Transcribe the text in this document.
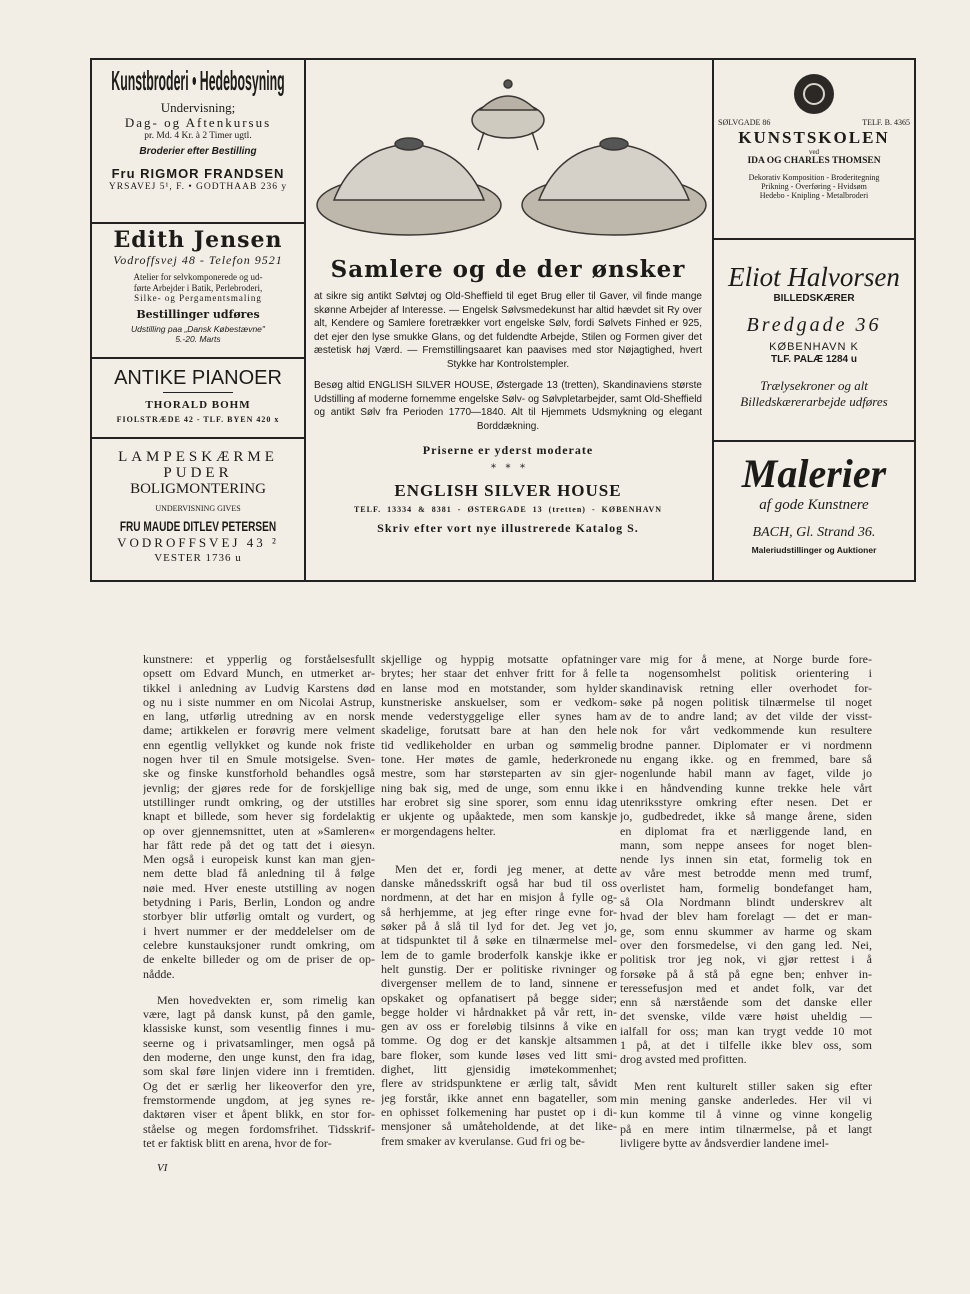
Kunstbroderi • Hedebosyning
Undervisning;
Dag- og Aftenkursus
pr. Md. 4 Kr. à 2 Timer ugtl.
Broderier efter Bestilling
Fru RIGMOR FRANDSEN
YRSAVEJ 5¹, F. • GODTHAAB 236 y
Edith Jensen
Vodroffsvej 48 - Telefon 9521
Atelier for selvkomponerede og ud-
førte Arbejder i Batik, Perlebroderi,
Silke- og Pergamentsmaling
Bestillinger udføres
Udstilling paa „Dansk Købestævne"
5.-20. Marts
ANTIKE PIANOER
THORALD BOHM
FIOLSTRÆDE 42 - TLF. BYEN 420 x
LAMPESKÆRME
PUDER
BOLIGMONTERING
UNDERVISNING GIVES
FRU MAUDE DITLEV PETERSEN
VODROFFSVEJ 43 ²
VESTER 1736 u
Samlere og de der ønsker
at sikre sig antikt Sølvtøj og Old-Sheffield til eget Brug eller til Gaver, vil finde mange skønne Arbejder af Interesse. — Engelsk Sølvsmedekunst har altid hævdet sit Ry over alt, Kendere og Samlere foretrækker vort engelske Sølv, fordi Sølvets Finhed er 925, det ejer den lyse smukke Glans, og det fuldendte Arbejde, Stilen og Formen giver det æstetisk høj Værd. — Fremstillingsaaret kan paavises med stor Nøjagtighed, hvert Stykke har Kontrolstempler.
Besøg altid ENGLISH SILVER HOUSE, Østergade 13 (tretten), Skandinaviens største Udstilling af moderne fornemme engelske Sølv- og Sølvpletarbejder, samt Old-Sheffield og antikt Sølv fra Perioden 1770—1840. Alt til Hjemmets Udsmykning og elegant Borddækning.
Priserne er yderst moderate
*   *   *
ENGLISH SILVER HOUSE
TELF. 13334 & 8381 - ØSTERGADE 13 (tretten) - KØBENHAVN
Skriv efter vort nye illustrerede Katalog S.
SØLVGADE 86	TELF. B. 4365
KUNSTSKOLEN
ved
IDA OG CHARLES THOMSEN
Dekorativ Komposition - Broderitegning
Prikning - Overføring - Hvidsøm
Hedebo - Knipling - Metalbroderi
Eliot Halvorsen
BILLEDSKÆRER
Bredgade 36
KØBENHAVN K
TLF. PALÆ 1284 u
Trælysekroner og alt
Billedskærerarbejde udføres
Malerier
af gode Kunstnere
BACH, Gl. Strand 36.
Maleriudstillinger og Auktioner
kunstnere: et ypperlig og forståelsesfullt
opsett om Edvard Munch, en utmerket ar-
tikkel i anledning av Ludvig Karstens død
og nu i siste nummer en om Nicolai Astrup,
en lang, utførlig utredning av en norsk
dame; artikkelen er forøvrig mere velment
enn egentlig vellykket og kunde nok friste
nogen hver til en Smule motsigelse. Sven-
ske og finske kunstforhold behandles også
jevnlig; der gjøres rede for de forskjellige
utstillinger rundt omkring, og der utstilles
knapt et billede, som hever sig fordelaktig
op over gjennemsnittet, uten at »Samleren«
har fått rede på det og tatt det i øiesyn.
Men også i europeisk kunst kan man gjen-
nem dette blad få anledning til å følge
nøie med. Hver eneste utstilling av nogen
betydning i Paris, Berlin, London og andre
storbyer blir utførlig omtalt og vurdert, og
i hvert nummer er der meddelelser om de
celebre kunstauksjoner rundt omkring, om
de enkelte billeder og om de priser de op-
nådde.
Men hovedvekten er, som rimelig kan
være, lagt på dansk kunst, på den gamle,
klassiske kunst, som vesentlig finnes i mu-
seerne og i privatsamlinger, men også på
den moderne, den unge kunst, den fra idag,
som skal føre linjen videre inn i fremtiden.
Og det er særlig her likeoverfor den yre,
fremstormende ungdom, at jeg synes re-
daktøren viser et åpent blikk, en stor for-
ståelse og megen fordomsfrihet. Tidsskrif-
tet er faktisk blitt en arena, hvor de for-
skjellige og hyppig motsatte opfatninger
brytes; her staar det enhver fritt for å felle
en lanse mod en motstander, som hylder
kunstneriske anskuelser, som er vedkom-
mende vederstyggelige eller synes ham
skadelige, forutsatt bare at han den hele
tid vedlikeholder en urban og sømmelig
tone. Her møtes de gamle, hederkronede
mestre, som har størsteparten av sin gjer-
ning bak sig, med de unge, som ennu ikke
har erobret sig sine sporer, som ennu idag
er ukjente og upåaktede, men som kanskje
er morgendagens helter.
Men det er, fordi jeg mener, at dette
danske månedsskrift også har bud til oss
nordmenn, at det har en misjon å fylle og-
så herhjemme, at jeg efter ringe evne for-
søker på å slå til lyd for det. Jeg vet jo,
at tidspunktet til å søke en tilnærmelse mel-
lem de to gamle broderfolk kanskje ikke er
helt gunstig. Der er politiske rivninger og
divergenser mellem de to land, sinnene er
opskaket og opfanatisert på begge sider;
begge holder vi hårdnakket på vår rett, in-
gen av oss er foreløbig tilsinns å vike en
tomme. Og dog er det kanskje altsammen
bare floker, som kunde løses ved litt smi-
dighet, litt gjensidig imøtekommenhet;
flere av stridspunktene er ærlig talt, såvidt
jeg forstår, ikke annet enn bagateller, som
en ophisset folkemening har pustet op i di-
mensjoner så umåteholdende, at det like-
frem smaker av kverulanse. Gud fri og be-
vare mig for å mene, at Norge burde fore-
ta nogensomhelst politisk orientering i
skandinavisk retning eller overhodet for-
søke på nogen politisk tilnærmelse til noget
av de to andre land; av det vilde der visst-
nok for vårt vedkommende kun resultere
brodne panner. Diplomater er vi nordmenn
nu engang ikke. og en fremmed, bare så
nogenlunde habil mann av faget, vilde jo
i en håndvending kunne trekke hele vårt
utenriksstyre omkring efter nesen. Det er
jo, gudbedredet, ikke så mange årene, siden
en diplomat fra et nærliggende land, en
mann, som neppe ansees for noget blen-
nende lys innen sin etat, formelig tok en
av våre mest betrodde menn med trumf,
overlistet ham, formelig bondefanget ham,
så Ola Nordmann blindt underskrev alt
hvad der blev ham forelagt — det er man-
ge, som ennu skummer av harme og skam
over den forsmedelse, vi den gang led. Nei,
politisk tror jeg nok, vi gjør rettest i å
forsøke på å stå på egne ben; enhver in-
teressefusjon med et andet folk, var det
enn så nærstående som det danske eller
det svenske, vilde være høist uheldig —
ialfall for oss; man kan trygt vedde 10 mot
1 på, at det i tilfelle ikke blev oss, som
drog avsted med profitten.
Men rent kulturelt stiller saken sig efter
min mening ganske anderledes. Her vil vi
kun komme til å vinne og vinne kongelig
på en mere intim tilnærmelse, på et langt
livligere bytte av åndsverdier landene imel-
VI
